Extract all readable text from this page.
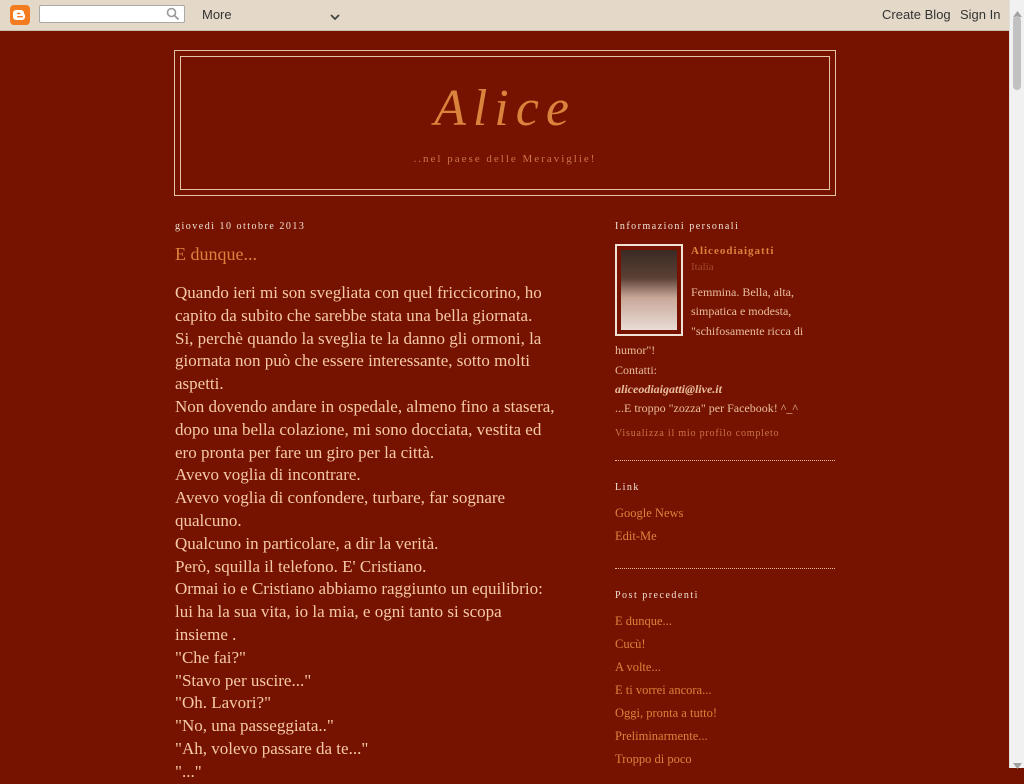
More	Create Blog Sign In
Alice
..nel paese delle Meraviglie!
giovedì 10 ottobre 2013
E dunque...
Quando ieri mi son svegliata con quel friccicorino, ho
capito da subito che sarebbe stata una bella giornata.
Si, perchè quando la sveglia te la danno gli ormoni, la
giornata non può che essere interessante, sotto molti
aspetti.
Non dovendo andare in ospedale, almeno fino a stasera,
dopo una bella colazione, mi sono docciata, vestita ed
ero pronta per fare un giro per la città.
Avevo voglia di incontrare.
Avevo voglia di confondere, turbare, far sognare
qualcuno.
Qualcuno in particolare, a dir la verità.
Però, squilla il telefono. E' Cristiano.
Ormai io e Cristiano abbiamo raggiunto un equilibrio:
lui ha la sua vita, io la mia, e ogni tanto si scopa
insieme .
"Che fai?"
"Stavo per uscire..."
"Oh. Lavori?"
"No, una passeggiata.."
"Ah, volevo passare da te..."
"..."
Informazioni personali
Aliceodiaigatti
Italia
Femmina. Bella, alta,
simpatica e modesta,
"schifosamente ricca di
humor"!
Contatti:
aliceodiaigatti@live.it
...E troppo "zozza" per Facebook! ^_^
Visualizza il mio profilo completo
Link
Google News
Edit-Me
Post precedenti
E dunque...
Cucù!
A volte...
E ti vorrei ancora...
Oggi, pronta a tutto!
Preliminarmente...
Troppo di poco
